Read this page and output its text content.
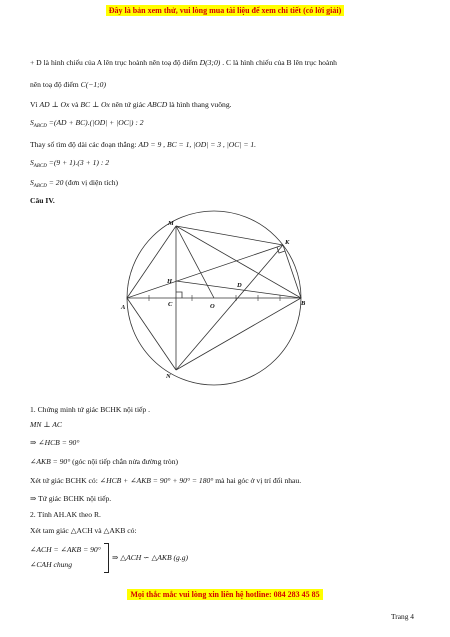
Đây là bản xem thử, vui lòng mua tài liệu để xem chi tiết (có lời giải)
+ D là hình chiếu của A lên trục hoành nên toạ độ điểm D(3;0) . C là hình chiếu của B lên trục hoành
nên toạ độ điểm C(−1;0)
Vì AD ⊥ Ox và BC ⊥ Ox nên tứ giác ABCD là hình thang vuông.
$S_{ABCD} =(AD + BC).(|OD| + |OC|)$ : 2
Thay số tìm độ dài các đoạn thẳng: AD = 9 , BC = 1, |OD| = 3 , |OC| = 1.
$S_{ABCD} =(9 + 1).(3 + 1)$ : 2
$S_{ABCD} = 20$ (đơn vị diện tích)
Câu IV.
M
K
H
D
A	C	O	B
N
1. Chứng minh tứ giác BCHK nội tiếp .
MN ⊥ AC
⇒ ∠HCB = 90°
∠AKB = 90° (góc nội tiếp chắn nửa đường tròn)
Xét tứ giác BCHK có: ∠HCB + ∠AKB = 90° + 90° = 180° mà hai góc ở vị trí đối nhau.
⇒ Tứ giác BCHK nội tiếp.
2. Tính AH.AK theo R.
Xét tam giác △ACH và △AKB có:
∠ACH = ∠AKB = 90°
∠CAH chung
⇒ △ACH ∽ △AKB (g.g)
Mọi thắc mắc vui lòng xin liên hệ hotline: 084 283 45 85
Trang 4
